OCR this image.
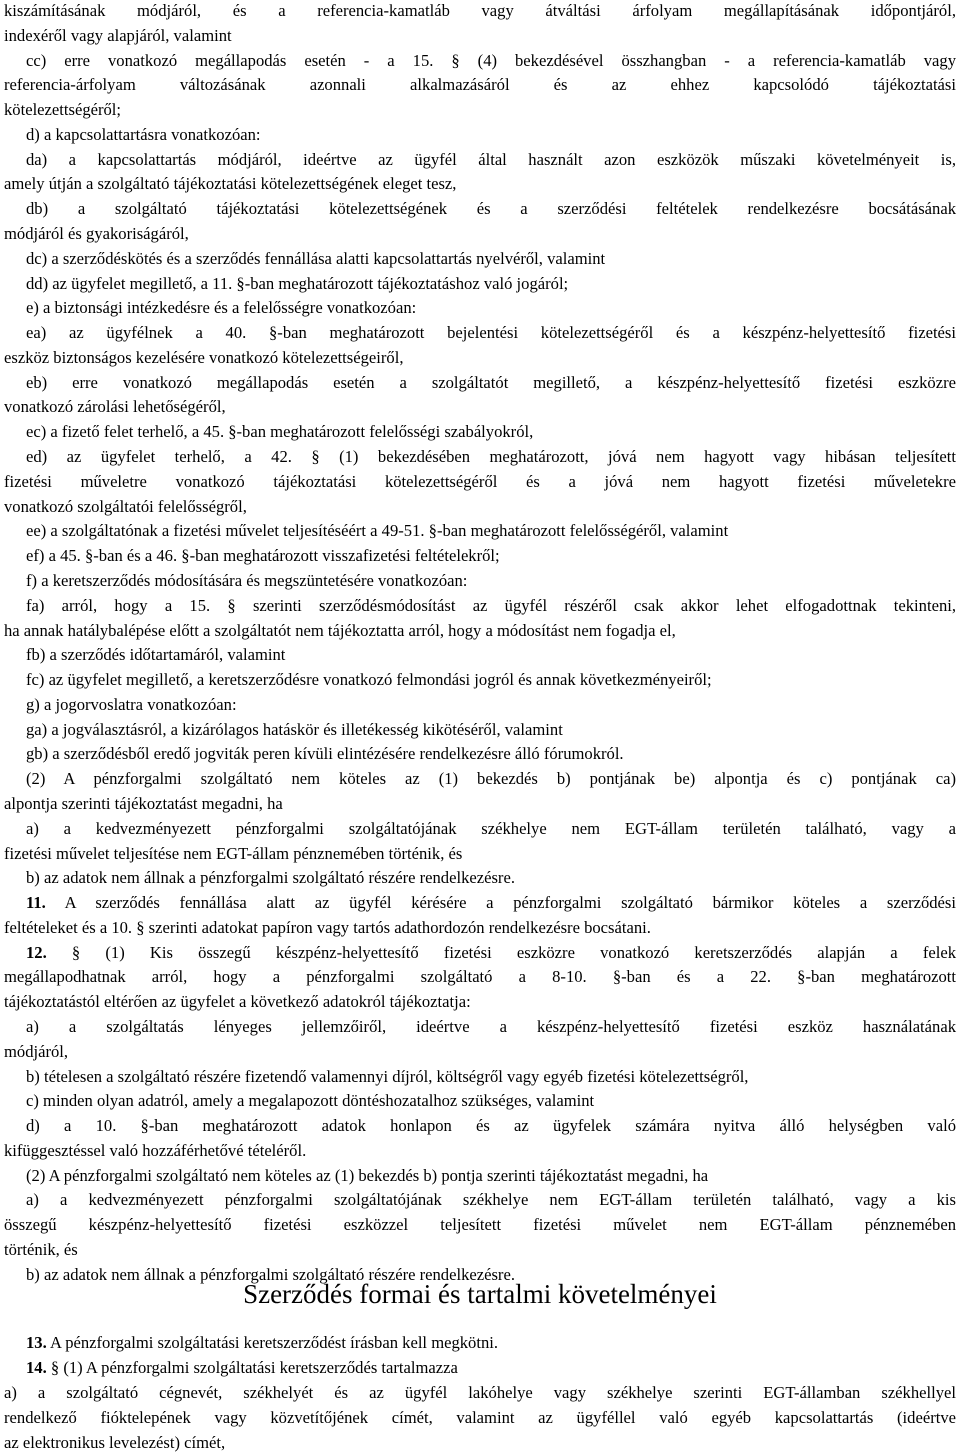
kiszámításának módjáról, és a referencia-kamatláb vagy átváltási árfolyam megállapításának időpontjáról,
indexéről vagy alapjáról, valamint
cc) erre vonatkozó megállapodás esetén - a 15. § (4) bekezdésével összhangban - a referencia-kamatláb vagy
referencia-árfolyam változásának azonnali alkalmazásáról és az ehhez kapcsolódó tájékoztatási
kötelezettségéről;
d) a kapcsolattartásra vonatkozóan:
da) a kapcsolattartás módjáról, ideértve az ügyfél által használt azon eszközök műszaki követelményeit is,
amely útján a szolgáltató tájékoztatási kötelezettségének eleget tesz,
db) a szolgáltató tájékoztatási kötelezettségének és a szerződési feltételek rendelkezésre bocsátásának
módjáról és gyakoriságáról,
dc) a szerződéskötés és a szerződés fennállása alatti kapcsolattartás nyelvéről, valamint
dd) az ügyfelet megillető, a 11. §-ban meghatározott tájékoztatáshoz való jogáról;
e) a biztonsági intézkedésre és a felelősségre vonatkozóan:
ea) az ügyfélnek a 40. §-ban meghatározott bejelentési kötelezettségéről és a készpénz-helyettesítő fizetési
eszköz biztonságos kezelésére vonatkozó kötelezettségeiről,
eb) erre vonatkozó megállapodás esetén a szolgáltatót megillető, a készpénz-helyettesítő fizetési eszközre
vonatkozó zárolási lehetőségéről,
ec) a fizető felet terhelő, a 45. §-ban meghatározott felelősségi szabályokról,
ed) az ügyfelet terhelő, a 42. § (1) bekezdésében meghatározott, jóvá nem hagyott vagy hibásan teljesített
fizetési műveletre vonatkozó tájékoztatási kötelezettségéről és a jóvá nem hagyott fizetési műveletekre
vonatkozó szolgáltatói felelősségről,
ee) a szolgáltatónak a fizetési művelet teljesítéséért a 49-51. §-ban meghatározott felelősségéről, valamint
ef) a 45. §-ban és a 46. §-ban meghatározott visszafizetési feltételekről;
f) a keretszerződés módosítására és megszüntetésére vonatkozóan:
fa) arról, hogy a 15. § szerinti szerződésmódosítást az ügyfél részéről csak akkor lehet elfogadottnak tekinteni,
ha annak hatálybalépése előtt a szolgáltatót nem tájékoztatta arról, hogy a módosítást nem fogadja el,
fb) a szerződés időtartamáról, valamint
fc) az ügyfelet megillető, a keretszerződésre vonatkozó felmondási jogról és annak következményeiről;
g) a jogorvoslatra vonatkozóan:
ga) a jogválasztásról, a kizárólagos hatáskör és illetékesség kikötéséről, valamint
gb) a szerződésből eredő jogviták peren kívüli elintézésére rendelkezésre álló fórumokról.
(2) A pénzforgalmi szolgáltató nem köteles az (1) bekezdés b) pontjának be) alpontja és c) pontjának ca)
alpontja szerinti tájékoztatást megadni, ha
a) a kedvezményezett pénzforgalmi szolgáltatójának székhelye nem EGT-állam területén található, vagy a
fizetési művelet teljesítése nem EGT-állam pénznemében történik, és
b) az adatok nem állnak a pénzforgalmi szolgáltató részére rendelkezésre.
11. A szerződés fennállása alatt az ügyfél kérésére a pénzforgalmi szolgáltató bármikor köteles a szerződési
feltételeket és a 10. § szerinti adatokat papíron vagy tartós adathordozón rendelkezésre bocsátani.
12. § (1) Kis összegű készpénz-helyettesítő fizetési eszközre vonatkozó keretszerződés alapján a felek
megállapodhatnak arról, hogy a pénzforgalmi szolgáltató a 8-10. §-ban és a 22. §-ban meghatározott
tájékoztatástól eltérően az ügyfelet a következő adatokról tájékoztatja:
a) a szolgáltatás lényeges jellemzőiről, ideértve a készpénz-helyettesítő fizetési eszköz használatának
módjáról,
b) tételesen a szolgáltató részére fizetendő valamennyi díjról, költségről vagy egyéb fizetési kötelezettségről,
c) minden olyan adatról, amely a megalapozott döntéshozatalhoz szükséges, valamint
d) a 10. §-ban meghatározott adatok honlapon és az ügyfelek számára nyitva álló helységben való
kifüggesztéssel való hozzáférhetővé tételéről.
(2) A pénzforgalmi szolgáltató nem köteles az (1) bekezdés b) pontja szerinti tájékoztatást megadni, ha
a) a kedvezményezett pénzforgalmi szolgáltatójának székhelye nem EGT-állam területén található, vagy a kis
összegű készpénz-helyettesítő fizetési eszközzel teljesített fizetési művelet nem EGT-állam pénznemében
történik, és
b) az adatok nem állnak a pénzforgalmi szolgáltató részére rendelkezésre.
Szerződés formai és tartalmi követelményei
13. A pénzforgalmi szolgáltatási keretszerződést írásban kell megkötni.
14. § (1) A pénzforgalmi szolgáltatási keretszerződés tartalmazza
a) a szolgáltató cégnevét, székhelyét és az ügyfél lakóhelye vagy székhelye szerinti EGT-államban székhellyel
rendelkező fióktelepének vagy közvetítőjének címét, valamint az ügyféllel való egyéb kapcsolattartás (ideértve
az elektronikus levelezést) címét,
